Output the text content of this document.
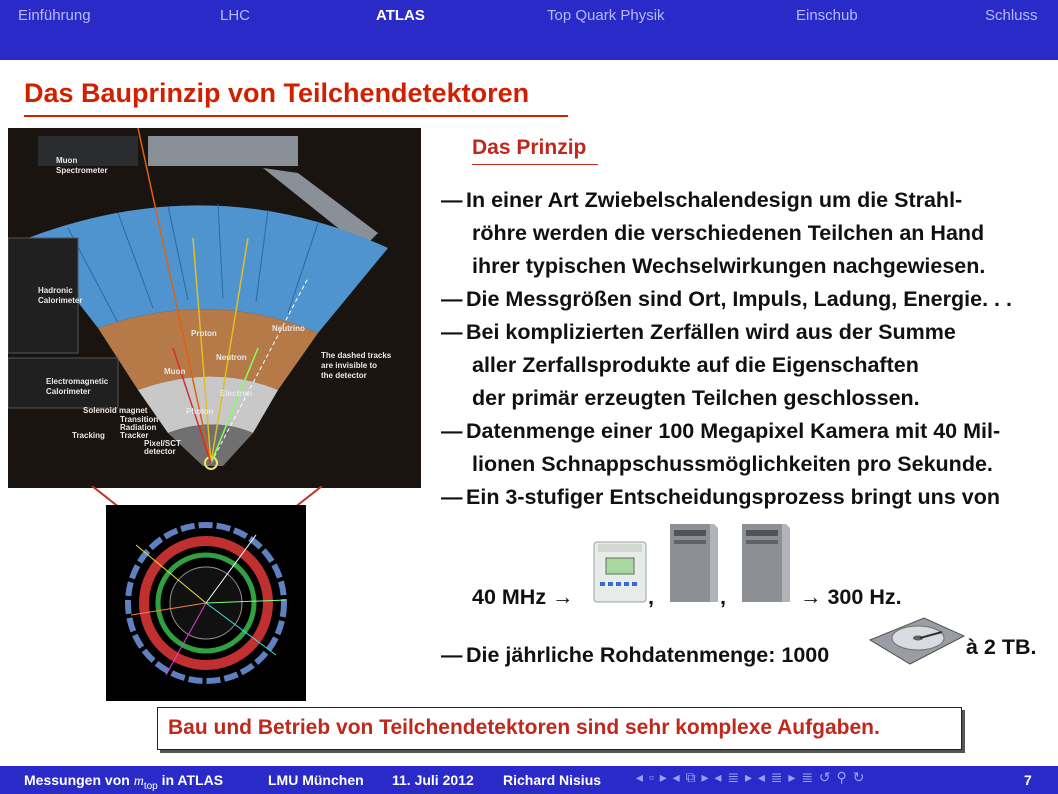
Einführung	LHC	ATLAS	Top Quark Physik	Einschub	Schluss
Das Bauprinzip von Teilchendetektoren
Muon
Spectrometer
Hadronic
Calorimeter
Electromagnetic
Calorimeter
Solenoid magnet
Tracking
Transition
Radiation
Tracker
Pixel/SCT
detector
Proton
Neutrino
Neutron
Muon
Electron
Photon
The dashed tracks
are invisible to
the detector
Das Prinzip
— In einer Art Zwiebelschalendesign um die Strahl-
röhre werden die verschiedenen Teilchen an Hand
ihrer typischen Wechselwirkungen nachgewiesen.
— Die Messgrößen sind Ort, Impuls, Ladung, Energie. . .
— Bei komplizierten Zerfällen wird aus der Summe
aller Zerfallsprodukte auf die Eigenschaften
der primär erzeugten Teilchen geschlossen.
— Datenmenge einer 100 Megapixel Kamera mit 40 Mil-
lionen Schnappschussmöglichkeiten pro Sekunde.
— Ein 3-stufiger Entscheidungsprozess bringt uns von
40 MHz →	,	,	→ 300 Hz.
— Die jährliche Rohdatenmenge: 1000	à 2 TB.
Bau und Betrieb von Teilchendetektoren sind sehr komplexe Aufgaben.
Messungen von $m_{top}$ in ATLAS	LMU München 11. Juli 2012 Richard Nisius ◂ ▫ ▸ ◂ ⧉ ▸ ◂ ≣ ▸ ◂ ≣ ▸ ≣ ↺ ⚲ ↻	7
